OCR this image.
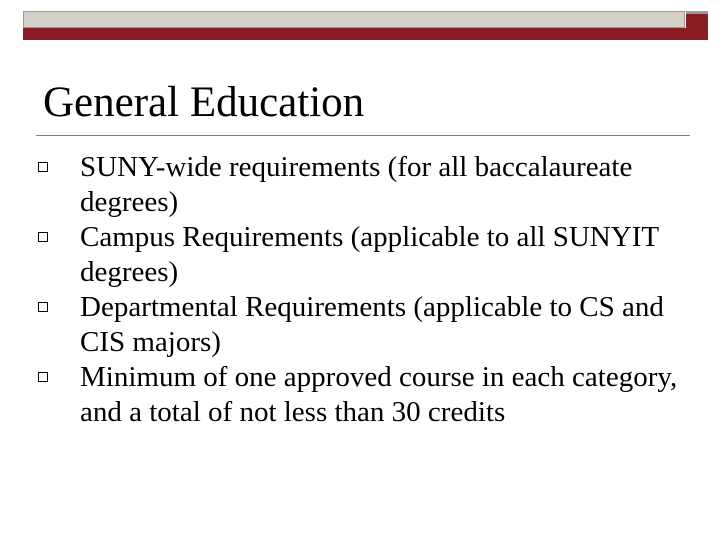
General Education
SUNY-wide requirements (for all baccalaureate degrees)
Campus Requirements (applicable to all SUNYIT degrees)
Departmental Requirements (applicable to CS and CIS majors)
Minimum of one approved course in each category, and a total of not less than 30 credits
